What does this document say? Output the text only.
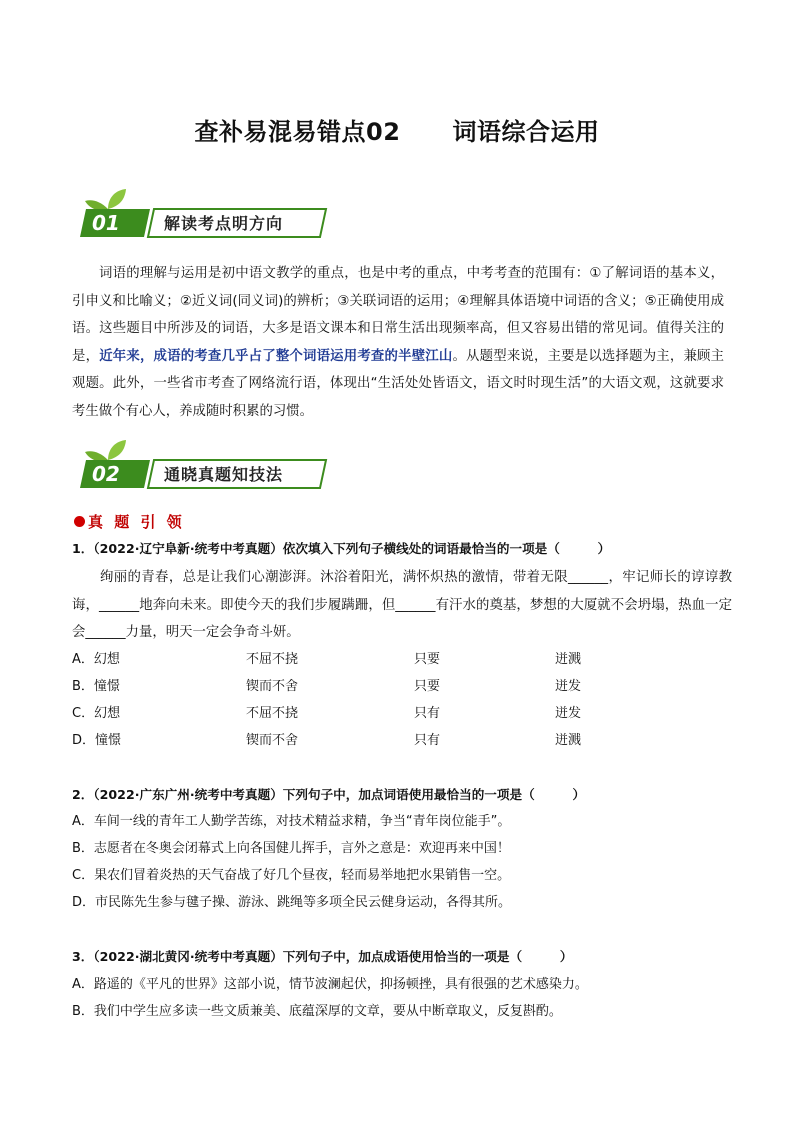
查补易混易错点02 词语综合运用
01	解读考点明方向
词语的理解与运用是初中语文教学的重点，也是中考的重点，中考考查的范围有：①了解词语的基本义，引申义和比喻义；②近义词(同义词)的辨析；③关联词语的运用；④理解具体语境中词语的含义；⑤正确使用成语。这些题目中所涉及的词语，大多是语文课本和日常生活出现频率高，但又容易出错的常见词。值得关注的是，近年来，成语的考查几乎占了整个词语运用考查的半壁江山。从题型来说，主要是以选择题为主，兼顾主观题。此外，一些省市考查了网络流行语，体现出“生活处处皆语文，语文时时现生活”的大语文观，这就要求考生做个有心人，养成随时积累的习惯。
02	通晓真题知技法
真 题 引 领
1．（2022·辽宁阜新·统考中考真题）依次填入下列句子横线处的词语最恰当的一项是（　　　）
绚丽的青春，总是让我们心潮澎湃。沐浴着阳光，满怀炽热的激情，带着无限______，牢记师长的谆谆教诲，______地奔向未来。即使今天的我们步履蹒跚，但______有汗水的奠基，梦想的大厦就不会坍塌，热血一定会______力量，明天一定会争奇斗妍。
A．幻想	不屈不挠	只要	迸溅
B．憧憬	锲而不舍	只要	迸发
C．幻想	不屈不挠	只有	迸发
D．憧憬	锲而不舍	只有	迸溅
2．（2022·广东广州·统考中考真题）下列句子中，加点词语使用最恰当的一项是（　　　）
A．车间一线的青年工人勤学苦练，对技术精益求精，争当“青年岗位能手”。
B．志愿者在冬奥会闭幕式上向各国健儿挥手，言外之意是：欢迎再来中国！
C．果农们冒着炎热的天气奋战了好几个昼夜，轻而易举地把水果销售一空。
D．市民陈先生参与毽子操、游泳、跳绳等多项全民云健身运动，各得其所。
3．（2022·湖北黄冈·统考中考真题）下列句子中，加点成语使用恰当的一项是（　　　）
A．路遥的《平凡的世界》这部小说，情节波澜起伏，抑扬顿挫，具有很强的艺术感染力。
B．我们中学生应多读一些文质兼美、底蕴深厚的文章，要从中断章取义，反复斟酌。
